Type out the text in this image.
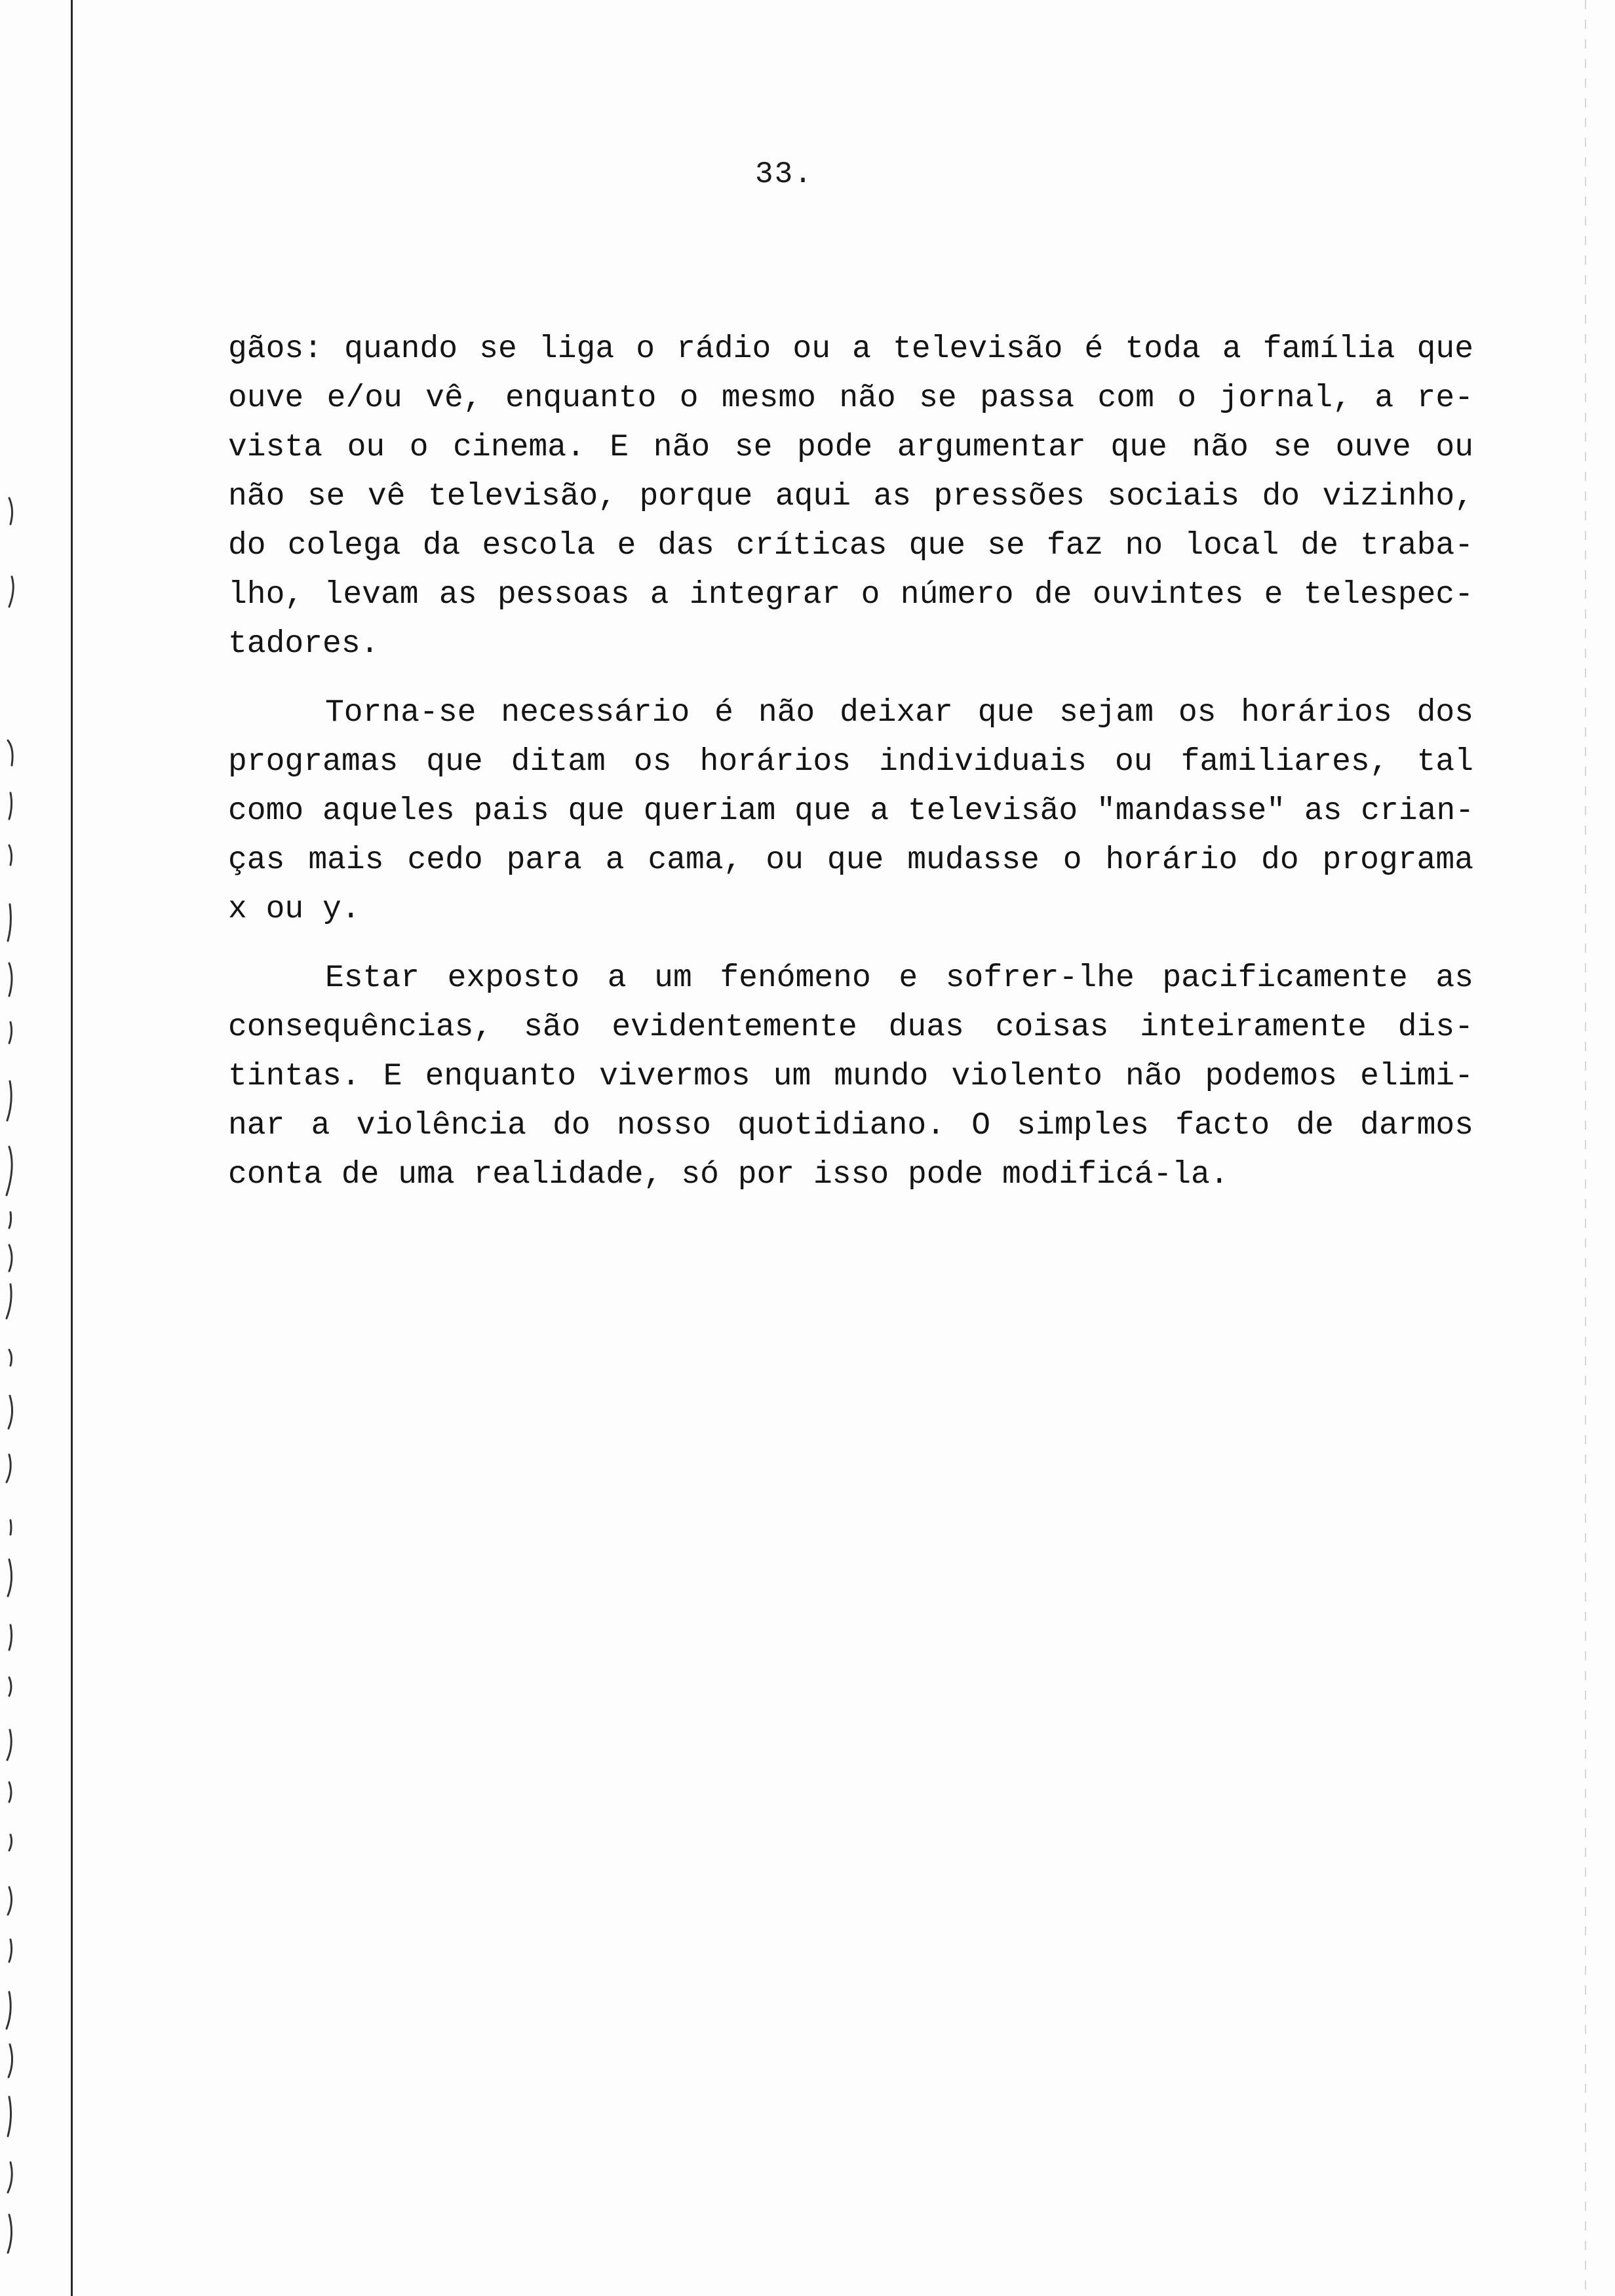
33.
gãos: quando se liga o rádio ou a televisão é toda a família que
ouve e/ou vê, enquanto o mesmo não se passa com o jornal, a re-
vista ou o cinema. E não se pode argumentar que não se ouve ou
não se vê televisão, porque aqui as pressões sociais do vizinho,
do colega da escola e das críticas que se faz no local de traba-
lho, levam as pessoas a integrar o número de ouvintes e telespec-
tadores.
Torna-se necessário é não deixar que sejam os horários dos
programas que ditam os horários individuais ou familiares, tal
como aqueles pais que queriam que a televisão "mandasse" as crian-
ças mais cedo para a cama, ou que mudasse o horário do programa
x ou y.
Estar exposto a um fenómeno e sofrer-lhe pacificamente as
consequências, são evidentemente duas coisas inteiramente dis-
tintas. E enquanto vivermos um mundo violento não podemos elimi-
nar a violência do nosso quotidiano. O simples facto de darmos
conta de uma realidade, só por isso pode modificá-la.
